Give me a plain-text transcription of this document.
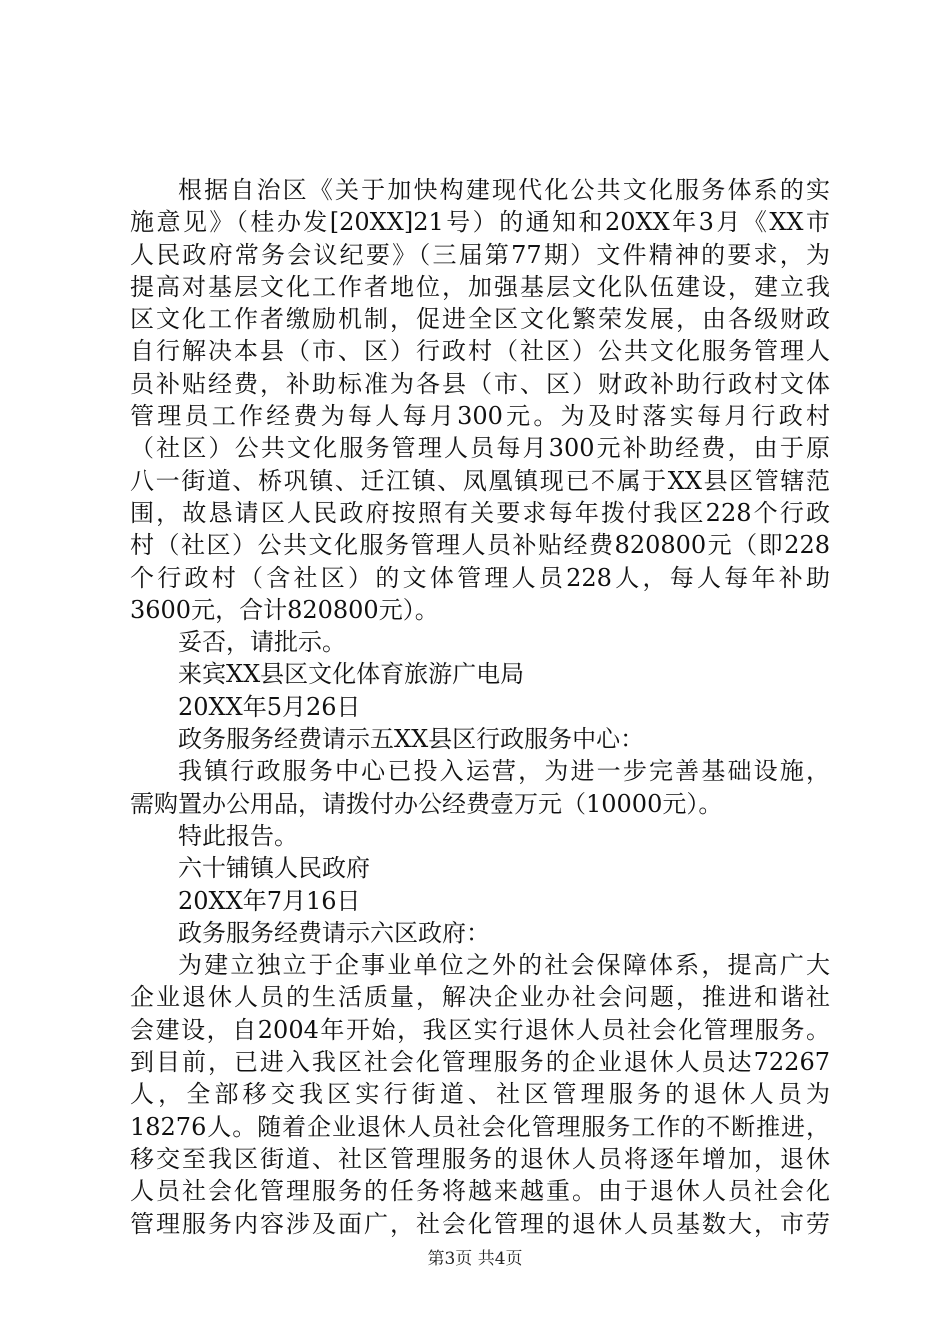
根据自治区《关于加快构建现代化公共文化服务体系的实
施意见》（桂办发[20XX]21号）的通知和20XX年3月《XX市
人民政府常务会议纪要》（三届第77期）文件精神的要求，为
提高对基层文化工作者地位，加强基层文化队伍建设，建立我
区文化工作者缴励机制，促进全区文化繁荣发展，由各级财政
自行解决本县（市、区）行政村（社区）公共文化服务管理人
员补贴经费，补助标准为各县（市、区）财政补助行政村文体
管理员工作经费为每人每月300元。为及时落实每月行政村
（社区）公共文化服务管理人员每月300元补助经费，由于原
八一街道、桥巩镇、迁江镇、凤凰镇现已不属于XX县区管辖范
围，故恳请区人民政府按照有关要求每年拨付我区228个行政
村（社区）公共文化服务管理人员补贴经费820800元（即228
个行政村（含社区）的文体管理人员228人，每人每年补助
3600元，合计820800元）。
妥否，请批示。
来宾XX县区文化体育旅游广电局
20XX年5月26日
政务服务经费请示五XX县区行政服务中心：
我镇行政服务中心已投入运营，为进一步完善基础设施，
需购置办公用品，请拨付办公经费壹万元（10000元）。
特此报告。
六十铺镇人民政府
20XX年7月16日
政务服务经费请示六区政府：
为建立独立于企事业单位之外的社会保障体系，提高广大
企业退休人员的生活质量，解决企业办社会问题，推进和谐社
会建设，自2004年开始，我区实行退休人员社会化管理服务。
到目前，已进入我区社会化管理服务的企业退休人员达72267
人，全部移交我区实行街道、社区管理服务的退休人员为
18276人。随着企业退休人员社会化管理服务工作的不断推进，
移交至我区街道、社区管理服务的退休人员将逐年增加，退休
人员社会化管理服务的任务将越来越重。由于退休人员社会化
管理服务内容涉及面广，社会化管理的退休人员基数大，市劳
第3页 共4页
